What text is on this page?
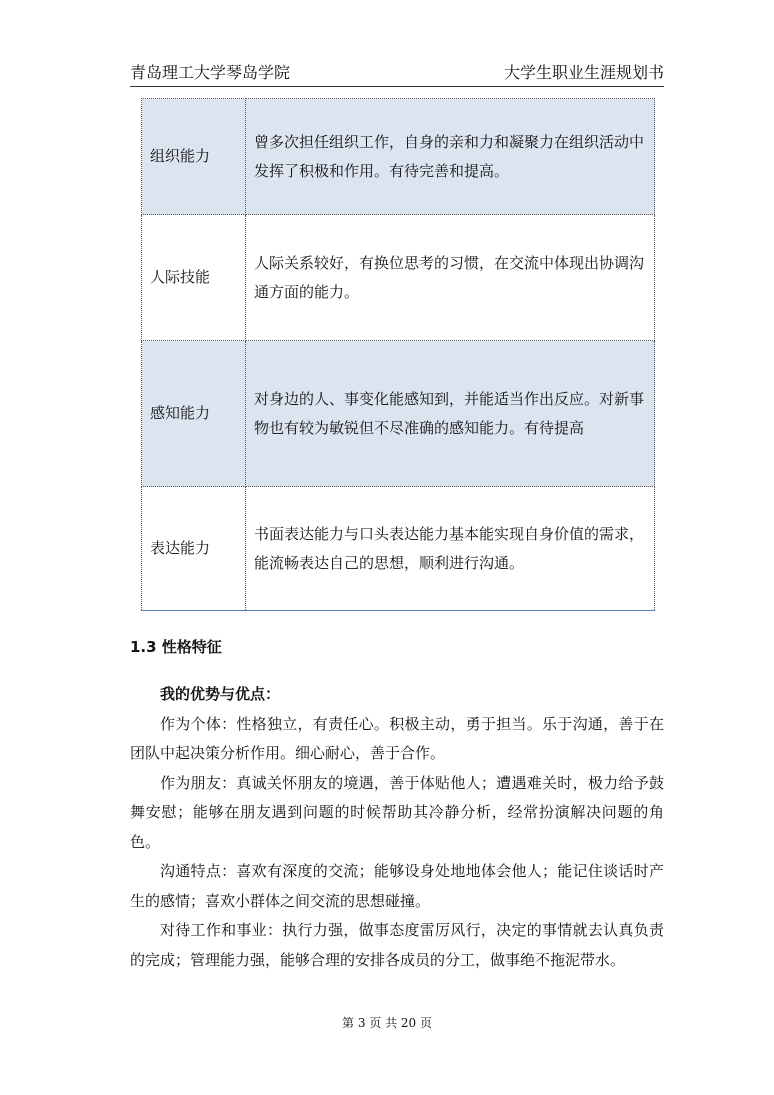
青岛理工大学琴岛学院	大学生职业生涯规划书
组织能力	曾多次担任组织工作，自身的亲和力和凝聚力在组织活动中发挥了积极和作用。有待完善和提高。
人际技能	人际关系较好，有换位思考的习惯，在交流中体现出协调沟通方面的能力。
感知能力	对身边的人、事变化能感知到，并能适当作出反应。对新事物也有较为敏锐但不尽准确的感知能力。有待提高
表达能力	书面表达能力与口头表达能力基本能实现自身价值的需求，能流畅表达自己的思想，顺利进行沟通。
1.3 性格特征

我的优势与优点：

作为个体：性格独立，有责任心。积极主动，勇于担当。乐于沟通，善于在团队中起决策分析作用。细心耐心，善于合作。

作为朋友：真诚关怀朋友的境遇，善于体贴他人；遭遇难关时，极力给予鼓舞安慰；能够在朋友遇到问题的时候帮助其冷静分析，经常扮演解决问题的角色。

沟通特点：喜欢有深度的交流；能够设身处地地体会他人；能记住谈话时产生的感情；喜欢小群体之间交流的思想碰撞。

对待工作和事业：执行力强，做事态度雷厉风行，决定的事情就去认真负责的完成；管理能力强，能够合理的安排各成员的分工，做事绝不拖泥带水。

第 3 页 共 20 页
